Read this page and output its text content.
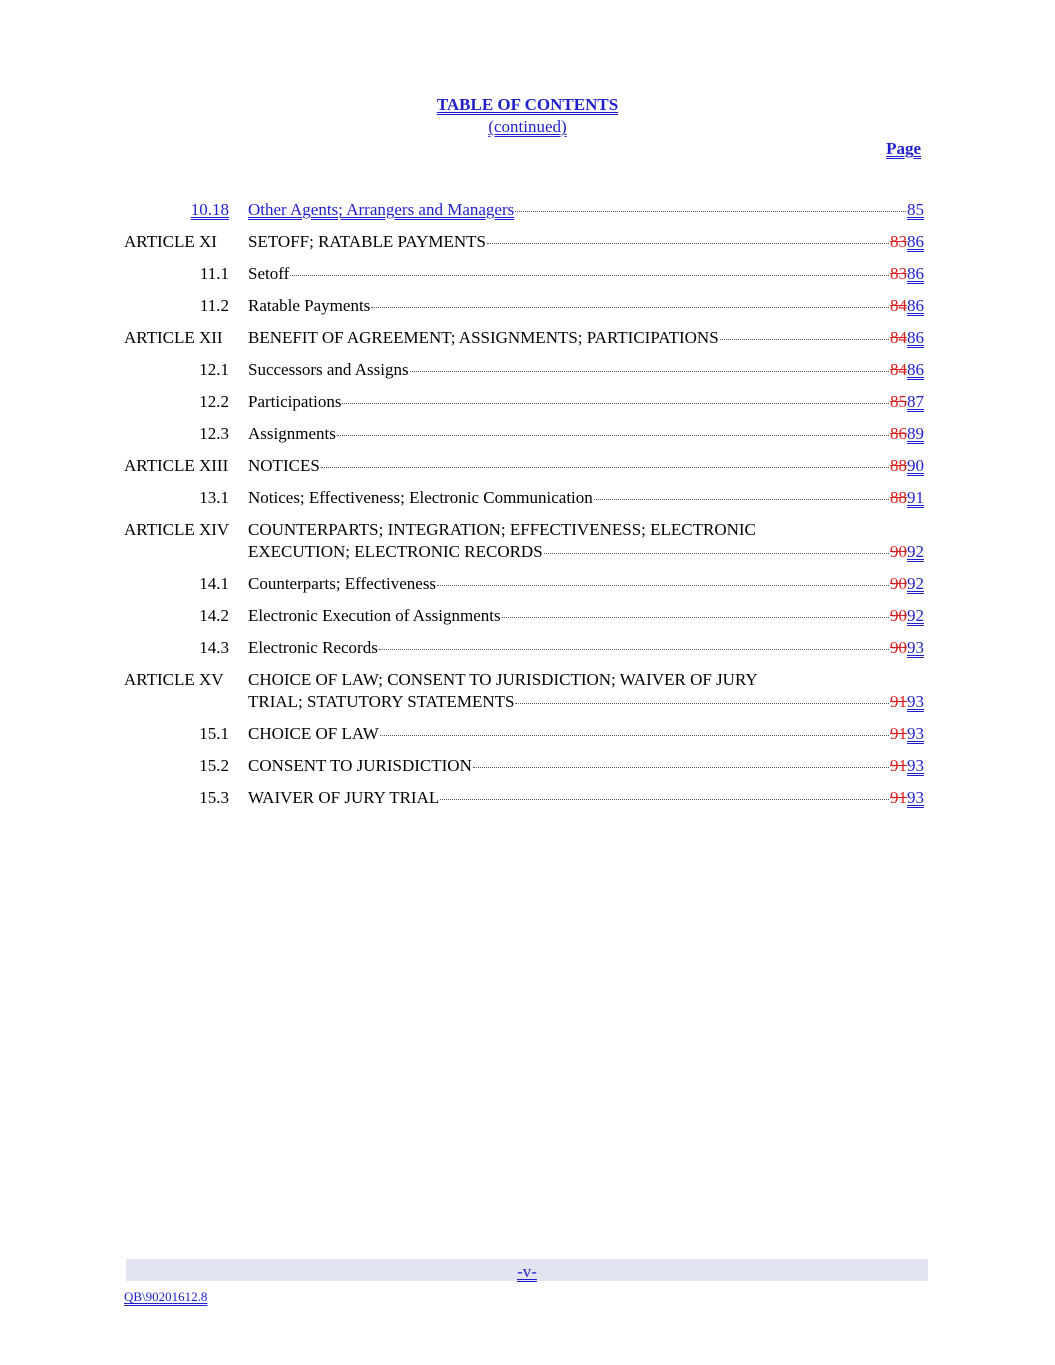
TABLE OF CONTENTS
(continued)
Page
10.18 Other Agents; Arrangers and Managers	85
ARTICLE XI SETOFF; RATABLE PAYMENTS	8386
11.1 Setoff	8386
11.2 Ratable Payments	8486
ARTICLE XII BENEFIT OF AGREEMENT; ASSIGNMENTS; PARTICIPATIONS	8486
12.1 Successors and Assigns	8486
12.2 Participations	8587
12.3 Assignments	8689
ARTICLE XIII NOTICES	8890
13.1 Notices; Effectiveness; Electronic Communication	8891
ARTICLE XIV COUNTERPARTS; INTEGRATION; EFFECTIVENESS; ELECTRONIC
EXECUTION; ELECTRONIC RECORDS	9092
14.1 Counterparts; Effectiveness	9092
14.2 Electronic Execution of Assignments	9092
14.3 Electronic Records	9093
ARTICLE XV CHOICE OF LAW; CONSENT TO JURISDICTION; WAIVER OF JURY
TRIAL; STATUTORY STATEMENTS	9193
15.1 CHOICE OF LAW	9193
15.2 CONSENT TO JURISDICTION	9193
15.3 WAIVER OF JURY TRIAL	9193
-v-
QB\90201612.8
